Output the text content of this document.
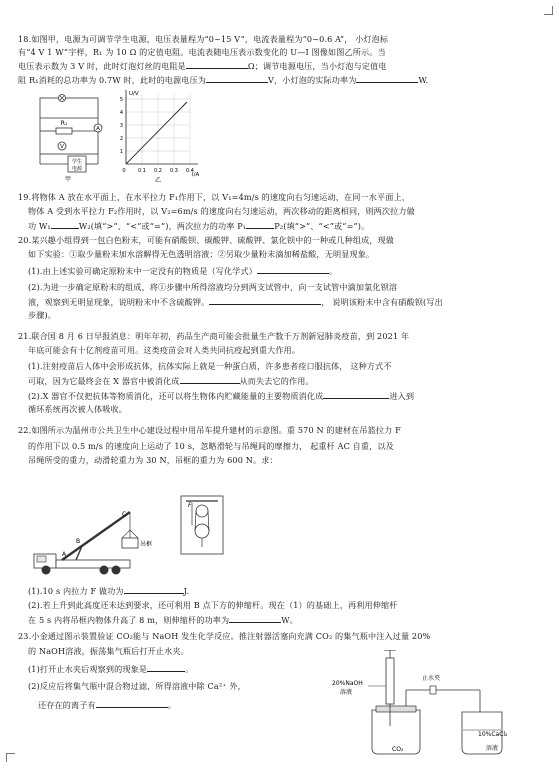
18.如图甲，电源为可调节学生电源，电压表量程为“0~15 V”，电流表量程为“0~0.6 A”， 小灯泡标
有“4 V 1 W”字样，R₁ 为 10 Ω 的定值电阻。电流表随电压表示数变化的 U—I 图像如图乙所示。当
电压表示数为 3 V 时，此时灯泡灯丝的电阻是	Ω；调节电源电压，当小灯泡与定值电
阻 R₁消耗的总功率为 0.7W 时，此时的电源电压为	V，小灯泡的实际功率为	W.
R₁
A
V
学生
电源
甲
U/V
I/A
5
4
3
2
1
0 0.1 0.2 0.3 0.4
乙
19.将物体 A 放在水平面上，在水平拉力 F₁作用下，以 V₁=4m/s 的速度向右匀速运动，在同一水平面上，
物体 A 受到水平拉力 F₂作用时，以 V₂=6m/s 的速度向右匀速运动，两次移动的距离相同，则两次拉力做
功 W₁	W₂(填“>”、“<”或“=”)，两次拉力的功率 P₁	P₂(填“>”、“<”或“=”)。
20.某兴趣小组得到一包白色粉末，可能有硝酸钡、碳酸钾、硫酸钾、氯化钡中的一种或几种组成，现做
如下实验：①取少量粉末加水溶解得无色透明溶液；②另取少量粉末滴加稀盐酸，无明显现象。
(1).由上述实验可确定原粉末中一定没有的物质是（写化学式）	。
(2).为进一步确定原粉末的组成，将①步骤中所得溶液均分到两支试管中，向一支试管中滴加氯化钡溶
液，观察到无明显现象，说明粉末中不含硫酸钾。	， 说明该粉末中含有硝酸钡(写出
步骤)。
21.联合国 8 月 6 日早报消息：明年年初，药品生产商可能会批量生产数千万剂新冠肺炎疫苗，到 2021 年
年底可能会有十亿剂疫苗可用。这类疫苗会对人类共同抗疫起到重大作用。
(1).注射疫苗后人体中会形成抗体，抗体实际上就是一种蛋白质，许多患者痊口服抗体， 这种方式不
可取，因为它最终会在 X 器官中被消化成	从而失去它的作用。
(2).X 器官不仅把抗体等物质消化，还可以将生物体内贮藏能量的主要物质消化成	进入到
循环系统再次被人体吸收。
22.如图所示为温州市公共卫生中心建设过程中用吊车提升建材的示意图。重 570 N 的建材在吊篮拉力 F
的作用下以 0.5 m/s 的速度向上运动了 10 s，忽略滑轮与吊绳间的摩擦力， 起重杆 AC 自重，以及
吊绳所受的重力，动滑轮重力为 30 N，吊框的重力为 600 N。求：
A
B
C
吊框
F
(1).10 s 内拉力 F 做功为	J.
(2).若上升到此高度还未达到要求，还可利用 B 点下方的伸缩杆。现在（1）的基础上，再利用伸缩杆
在 5 s 内将吊框内物体升高了 8 m，则伸缩杆的功率为	W。
23.小金通过图示装置验证 CO₂能与 NaOH 发生化学反应。推注射器活塞向充满 CO₂ 的集气瓶中注入过量 20%
的 NaOH溶液，振荡集气瓶后打开止水夹。
(1)打开止水夹后观察到的现象是	。
(2)反应后将集气瓶中混合物过滤，所得溶液中除 Ca²⁺ 外，
还存在的离子有	。
20%NaOH
溶液
止水夹
10%CaCl₂
溶液
CO₂
